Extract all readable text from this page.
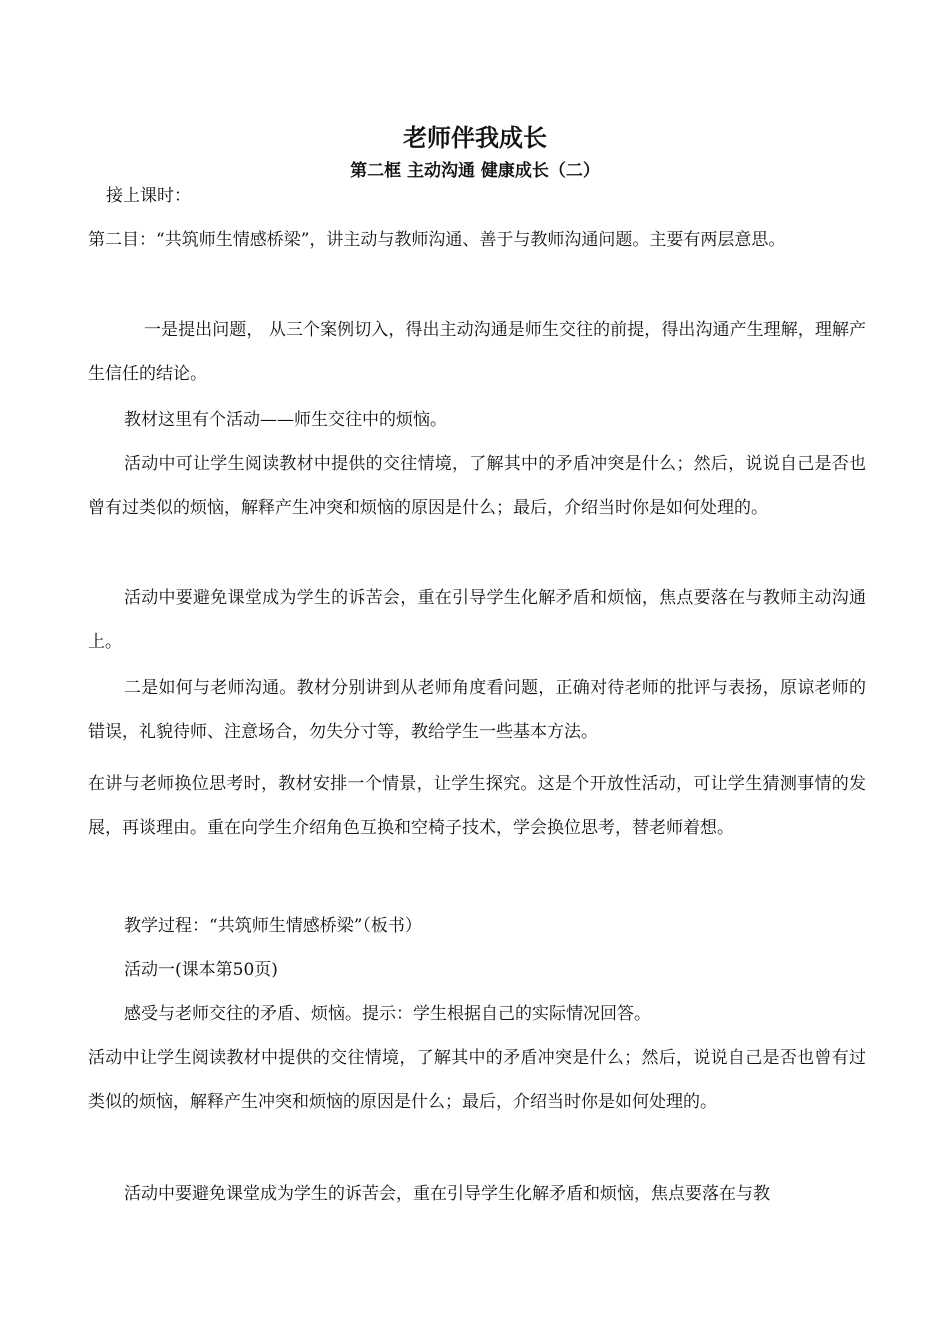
老师伴我成长
第二框 主动沟通 健康成长（二）

接上课时：

第二目：“共筑师生情感桥梁”，讲主动与教师沟通、善于与教师沟通问题。主要有两层意思。

一是提出问题， 从三个案例切入，得出主动沟通是师生交往的前提，得出沟通产生理解，理解产生信任的结论。

教材这里有个活动——师生交往中的烦恼。

活动中可让学生阅读教材中提供的交往情境，了解其中的矛盾冲突是什么；然后，说说自己是否也曾有过类似的烦恼，解释产生冲突和烦恼的原因是什么；最后，介绍当时你是如何处理的。

活动中要避免课堂成为学生的诉苦会，重在引导学生化解矛盾和烦恼，焦点要落在与教师主动沟通上。

二是如何与老师沟通。教材分别讲到从老师角度看问题，正确对待老师的批评与表扬，原谅老师的错误，礼貌待师、注意场合，勿失分寸等，教给学生一些基本方法。

在讲与老师换位思考时，教材安排一个情景，让学生探究。这是个开放性活动，可让学生猜测事情的发展，再谈理由。重在向学生介绍角色互换和空椅子技术，学会换位思考，替老师着想。

教学过程：“共筑师生情感桥梁”（板书）

活动一(课本第50页)

感受与老师交往的矛盾、烦恼。提示：学生根据自己的实际情况回答。

活动中让学生阅读教材中提供的交往情境，了解其中的矛盾冲突是什么；然后，说说自己是否也曾有过类似的烦恼，解释产生冲突和烦恼的原因是什么；最后，介绍当时你是如何处理的。

活动中要避免课堂成为学生的诉苦会，重在引导学生化解矛盾和烦恼，焦点要落在与教
